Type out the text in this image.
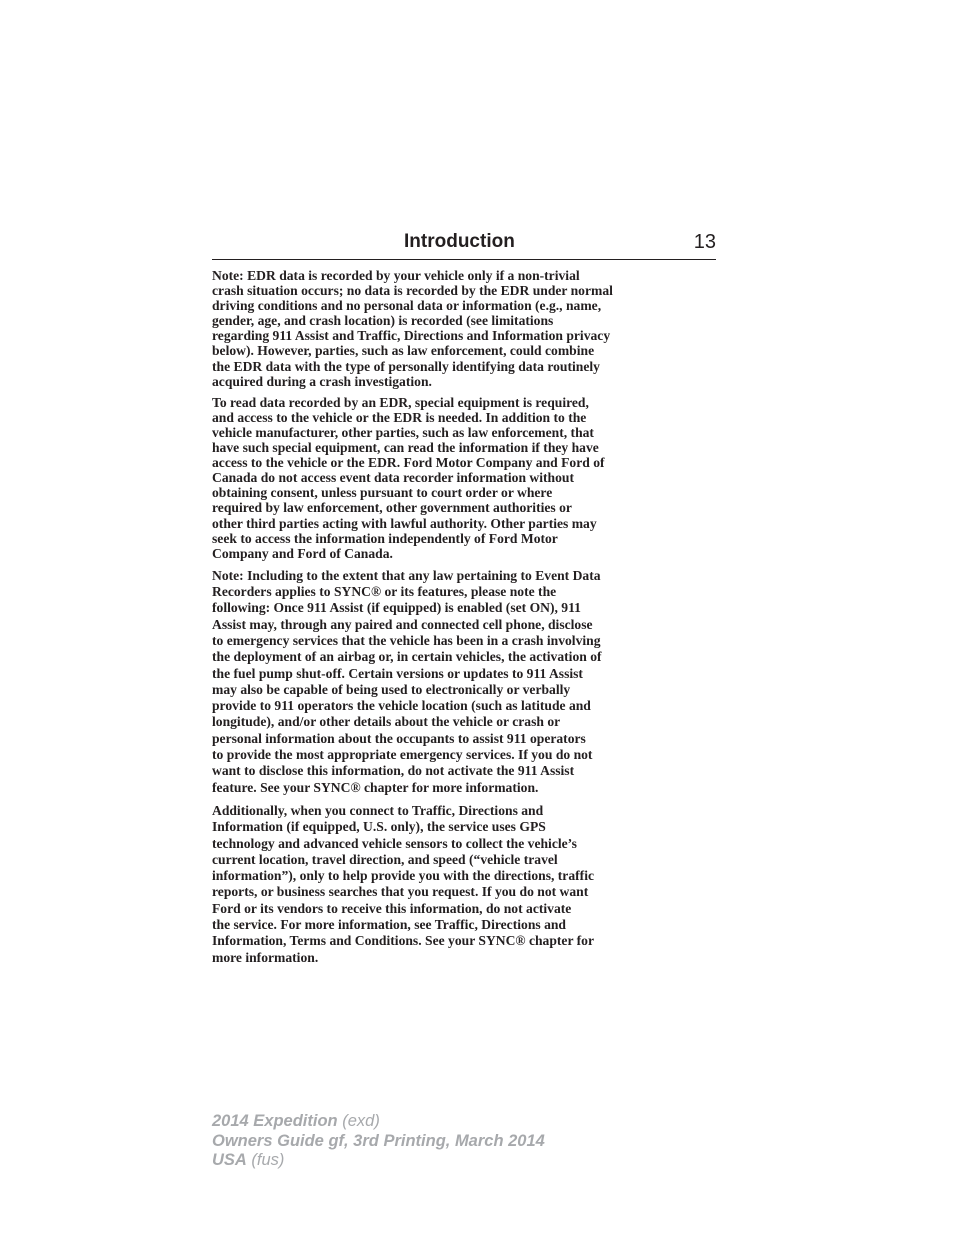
Introduction	13

Note: EDR data is recorded by your vehicle only if a non-trivial
crash situation occurs; no data is recorded by the EDR under normal
driving conditions and no personal data or information (e.g., name,
gender, age, and crash location) is recorded (see limitations
regarding 911 Assist and Traffic, Directions and Information privacy
below). However, parties, such as law enforcement, could combine
the EDR data with the type of personally identifying data routinely
acquired during a crash investigation.

To read data recorded by an EDR, special equipment is required,
and access to the vehicle or the EDR is needed. In addition to the
vehicle manufacturer, other parties, such as law enforcement, that
have such special equipment, can read the information if they have
access to the vehicle or the EDR. Ford Motor Company and Ford of
Canada do not access event data recorder information without
obtaining consent, unless pursuant to court order or where
required by law enforcement, other government authorities or
other third parties acting with lawful authority. Other parties may
seek to access the information independently of Ford Motor
Company and Ford of Canada.

Note: Including to the extent that any law pertaining to Event Data
Recorders applies to SYNC® or its features, please note the
following: Once 911 Assist (if equipped) is enabled (set ON), 911
Assist may, through any paired and connected cell phone, disclose
to emergency services that the vehicle has been in a crash involving
the deployment of an airbag or, in certain vehicles, the activation of
the fuel pump shut-off. Certain versions or updates to 911 Assist
may also be capable of being used to electronically or verbally
provide to 911 operators the vehicle location (such as latitude and
longitude), and/or other details about the vehicle or crash or
personal information about the occupants to assist 911 operators
to provide the most appropriate emergency services. If you do not
want to disclose this information, do not activate the 911 Assist
feature. See your SYNC® chapter for more information.

Additionally, when you connect to Traffic, Directions and
Information (if equipped, U.S. only), the service uses GPS
technology and advanced vehicle sensors to collect the vehicle’s
current location, travel direction, and speed (“vehicle travel
information”), only to help provide you with the directions, traffic
reports, or business searches that you request. If you do not want
Ford or its vendors to receive this information, do not activate
the service. For more information, see Traffic, Directions and
Information, Terms and Conditions. See your SYNC® chapter for
more information.

2014 Expedition (exd)
Owners Guide gf, 3rd Printing, March 2014
USA (fus)
